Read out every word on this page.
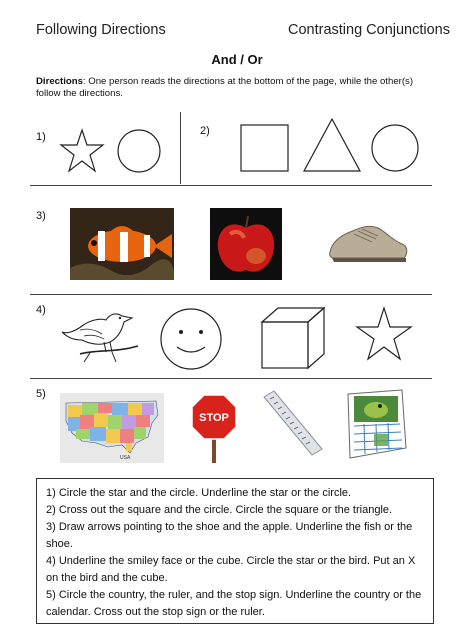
Following Directions	Contrasting Conjunctions
And / Or
Directions: One person reads the directions at the bottom of the page, while the other(s) follow the directions.
1)	2)
3)
4)
5)
USA
STOP

1) Circle the star and the circle. Underline the star or the circle.

2) Cross out the square and the circle. Circle the square or the triangle.

3) Draw arrows pointing to the shoe and the apple. Underline the fish or the shoe.

4) Underline the smiley face or the cube. Circle the star or the bird. Put an X on the bird and the cube.

5) Circle the country, the ruler, and the stop sign. Underline the country or the calendar. Cross out the stop sign or the ruler.
